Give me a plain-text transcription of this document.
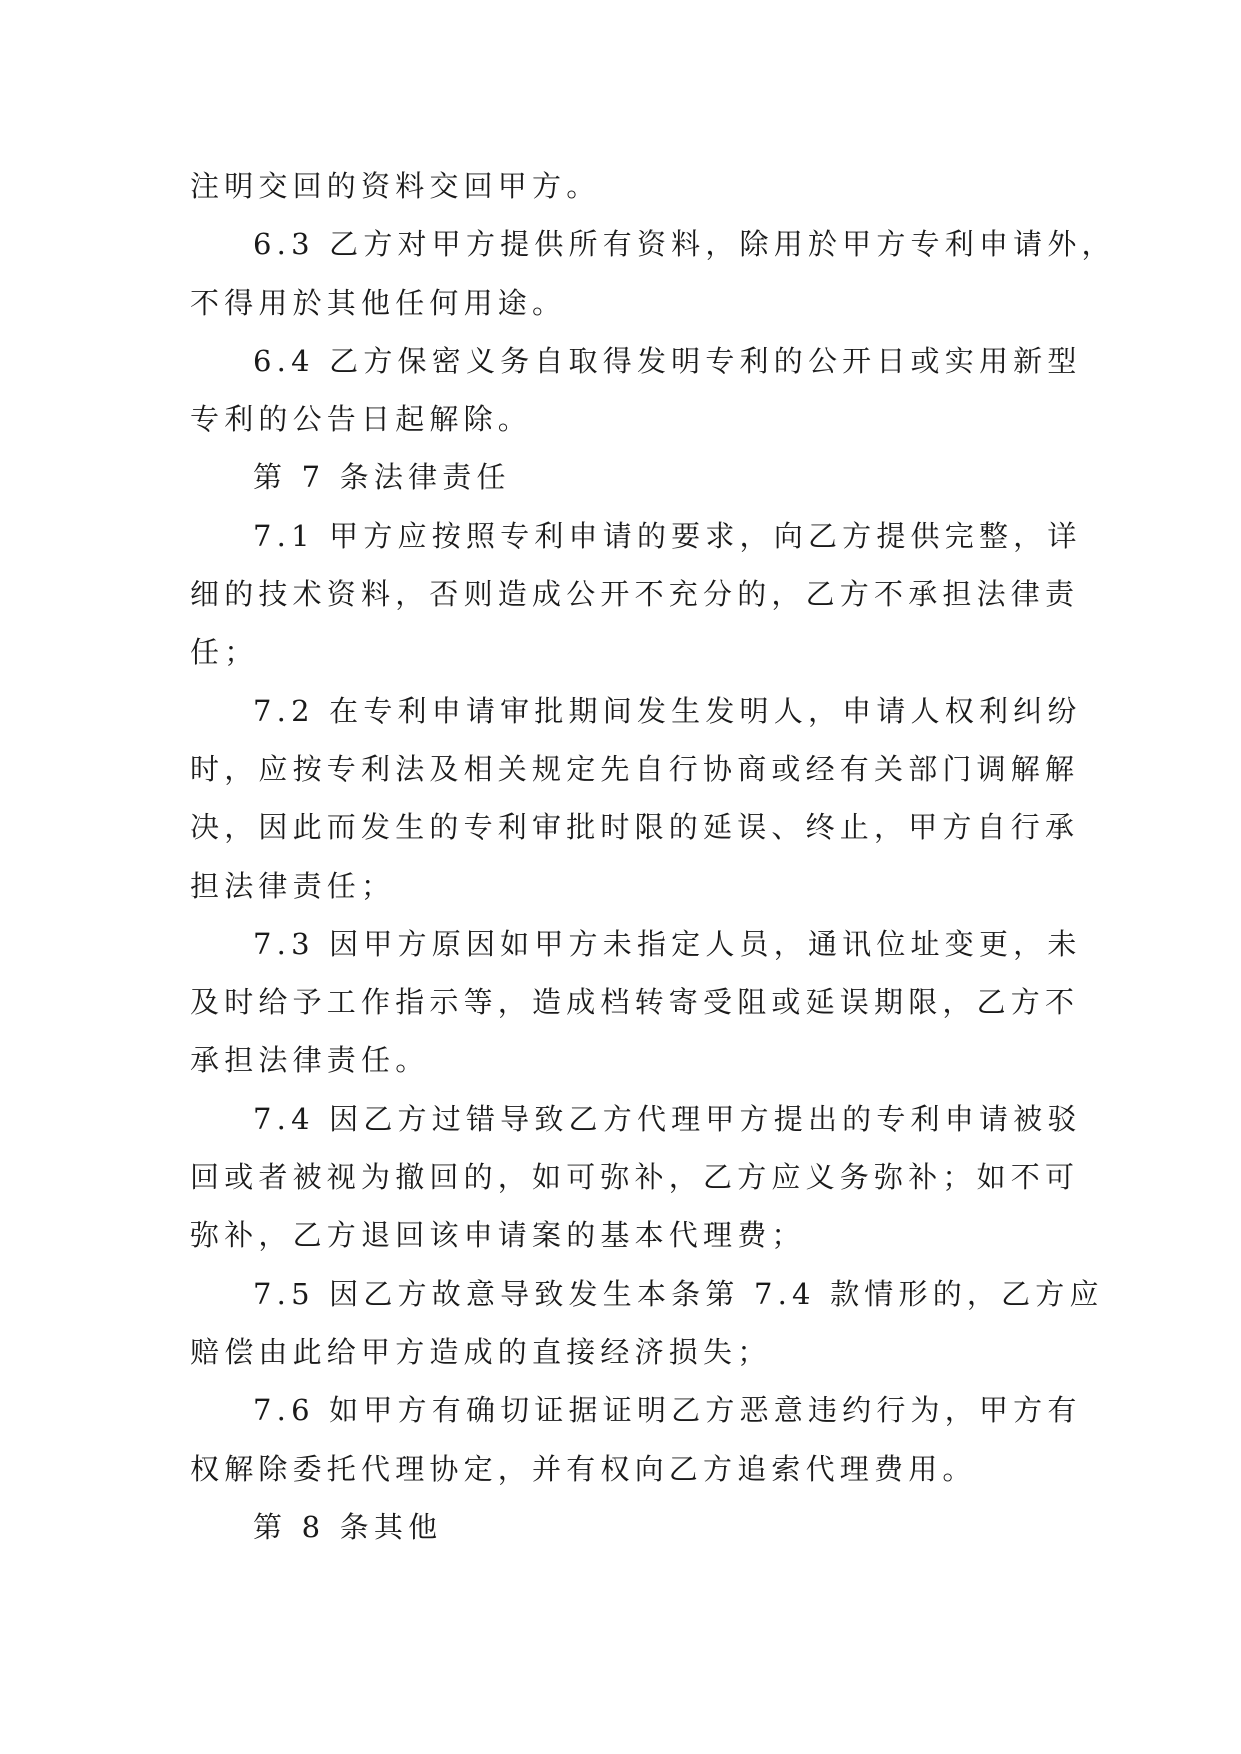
注明交回的资料交回甲方。
6.3 乙方对甲方提供所有资料，除用於甲方专利申请外，
不得用於其他任何用途。
6.4 乙方保密义务自取得发明专利的公开日或实用新型
专利的公告日起解除。
第 7 条法律责任
7.1 甲方应按照专利申请的要求，向乙方提供完整，详
细的技术资料，否则造成公开不充分的，乙方不承担法律责
任；
7.2 在专利申请审批期间发生发明人，申请人权利纠纷
时，应按专利法及相关规定先自行协商或经有关部门调解解
决，因此而发生的专利审批时限的延误、终止，甲方自行承
担法律责任；
7.3 因甲方原因如甲方未指定人员，通讯位址变更，未
及时给予工作指示等，造成档转寄受阻或延误期限，乙方不
承担法律责任。
7.4 因乙方过错导致乙方代理甲方提出的专利申请被驳
回或者被视为撤回的，如可弥补，乙方应义务弥补；如不可
弥补，乙方退回该申请案的基本代理费；
7.5 因乙方故意导致发生本条第 7.4 款情形的，乙方应
赔偿由此给甲方造成的直接经济损失；
7.6 如甲方有确切证据证明乙方恶意违约行为，甲方有
权解除委托代理协定，并有权向乙方追索代理费用。
第 8 条其他
